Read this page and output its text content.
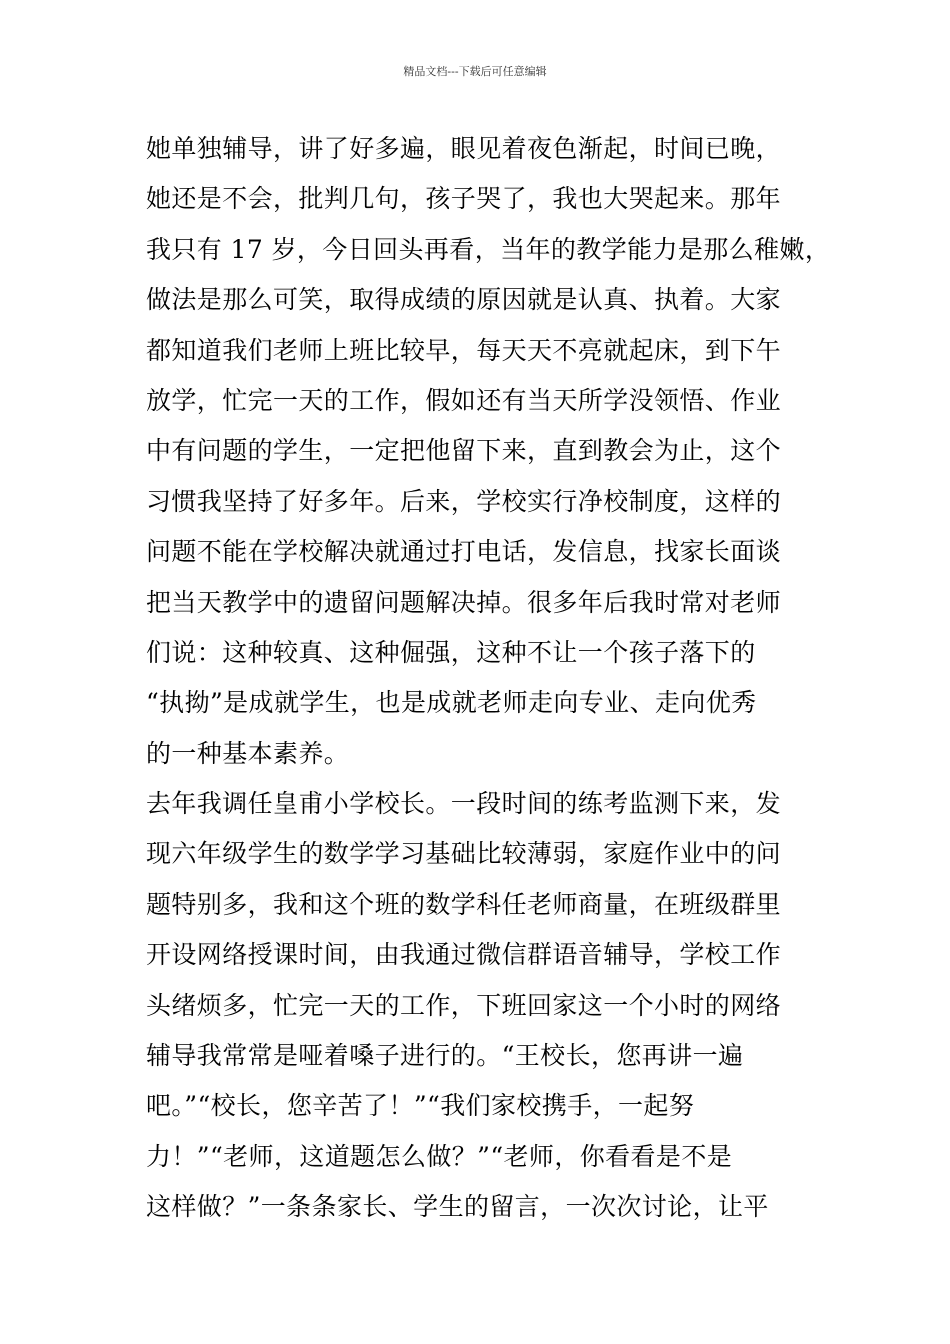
精品文档---下载后可任意编辑
她单独辅导，讲了好多遍，眼见着夜色渐起，时间已晚，
她还是不会，批判几句，孩子哭了，我也大哭起来。那年
我只有 17 岁，今日回头再看，当年的教学能力是那么稚嫩，
做法是那么可笑，取得成绩的原因就是认真、执着。大家
都知道我们老师上班比较早，每天天不亮就起床，到下午
放学，忙完一天的工作，假如还有当天所学没领悟、作业
中有问题的学生，一定把他留下来，直到教会为止，这个
习惯我坚持了好多年。后来，学校实行净校制度，这样的
问题不能在学校解决就通过打电话，发信息，找家长面谈
把当天教学中的遗留问题解决掉。很多年后我时常对老师
们说：这种较真、这种倔强，这种不让一个孩子落下的
“执拗”是成就学生，也是成就老师走向专业、走向优秀
的一种基本素养。
去年我调任皇甫小学校长。一段时间的练考监测下来，发
现六年级学生的数学学习基础比较薄弱，家庭作业中的问
题特别多，我和这个班的数学科任老师商量，在班级群里
开设网络授课时间，由我通过微信群语音辅导，学校工作
头绪烦多，忙完一天的工作，下班回家这一个小时的网络
辅导我常常是哑着嗓子进行的。“王校长，您再讲一遍
吧。”“校长，您辛苦了！”“我们家校携手，一起努
力！”“老师，这道题怎么做？”“老师，你看看是不是
这样做？”一条条家长、学生的留言，一次次讨论，让平
